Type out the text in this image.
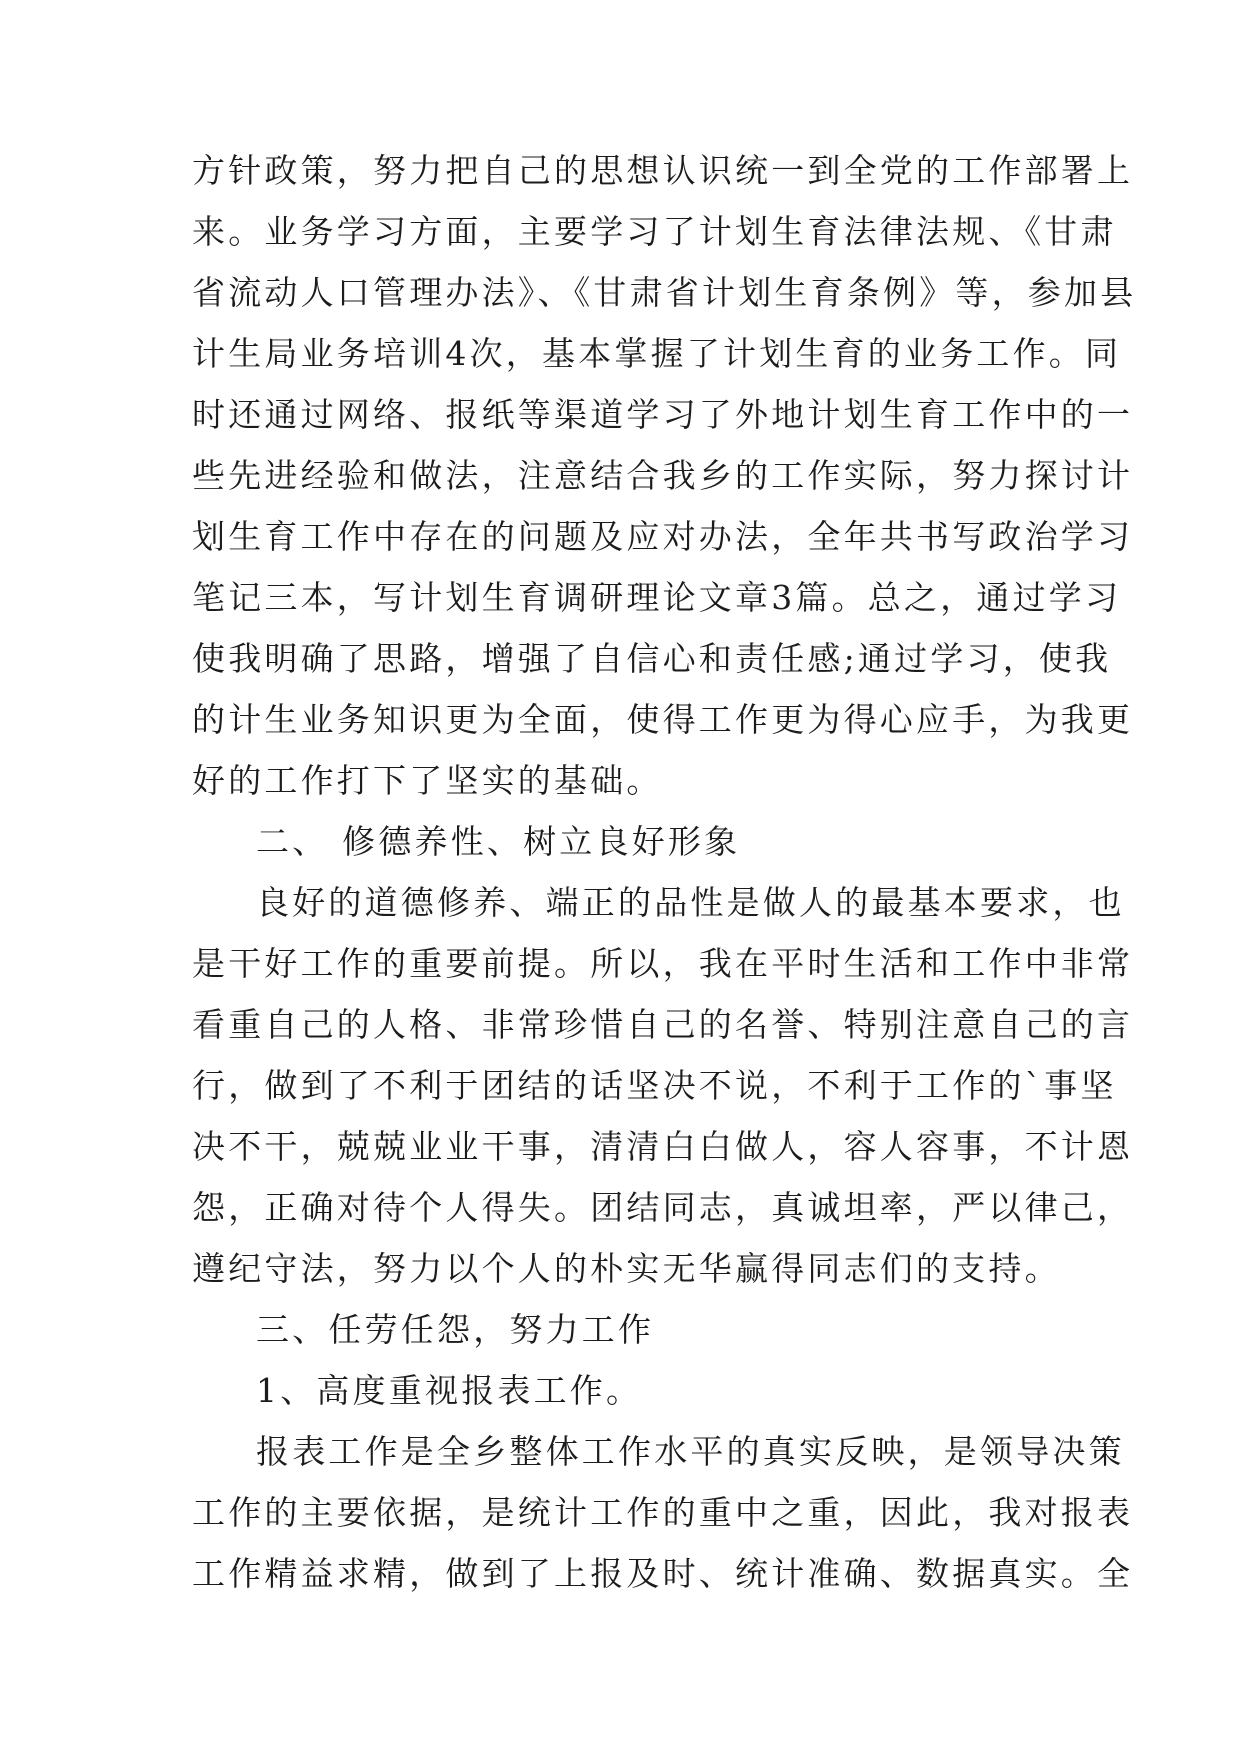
方针政策，努力把自己的思想认识统一到全党的工作部署上
来。业务学习方面，主要学习了计划生育法律法规、《甘肃
省流动人口管理办法》、《甘肃省计划生育条例》等，参加县
计生局业务培训4次，基本掌握了计划生育的业务工作。同
时还通过网络、报纸等渠道学习了外地计划生育工作中的一
些先进经验和做法，注意结合我乡的工作实际，努力探讨计
划生育工作中存在的问题及应对办法，全年共书写政治学习
笔记三本，写计划生育调研理论文章3篇。总之，通过学习
使我明确了思路，增强了自信心和责任感;通过学习，使我
的计生业务知识更为全面，使得工作更为得心应手，为我更
好的工作打下了坚实的基础。
二、 修德养性、树立良好形象
良好的道德修养、端正的品性是做人的最基本要求，也
是干好工作的重要前提。所以，我在平时生活和工作中非常
看重自己的人格、非常珍惜自己的名誉、特别注意自己的言
行，做到了不利于团结的话坚决不说，不利于工作的`事坚
决不干，兢兢业业干事，清清白白做人，容人容事，不计恩
怨，正确对待个人得失。团结同志，真诚坦率，严以律己，
遵纪守法，努力以个人的朴实无华赢得同志们的支持。
三、任劳任怨，努力工作
1、高度重视报表工作。
报表工作是全乡整体工作水平的真实反映，是领导决策
工作的主要依据，是统计工作的重中之重，因此，我对报表
工作精益求精，做到了上报及时、统计准确、数据真实。全
